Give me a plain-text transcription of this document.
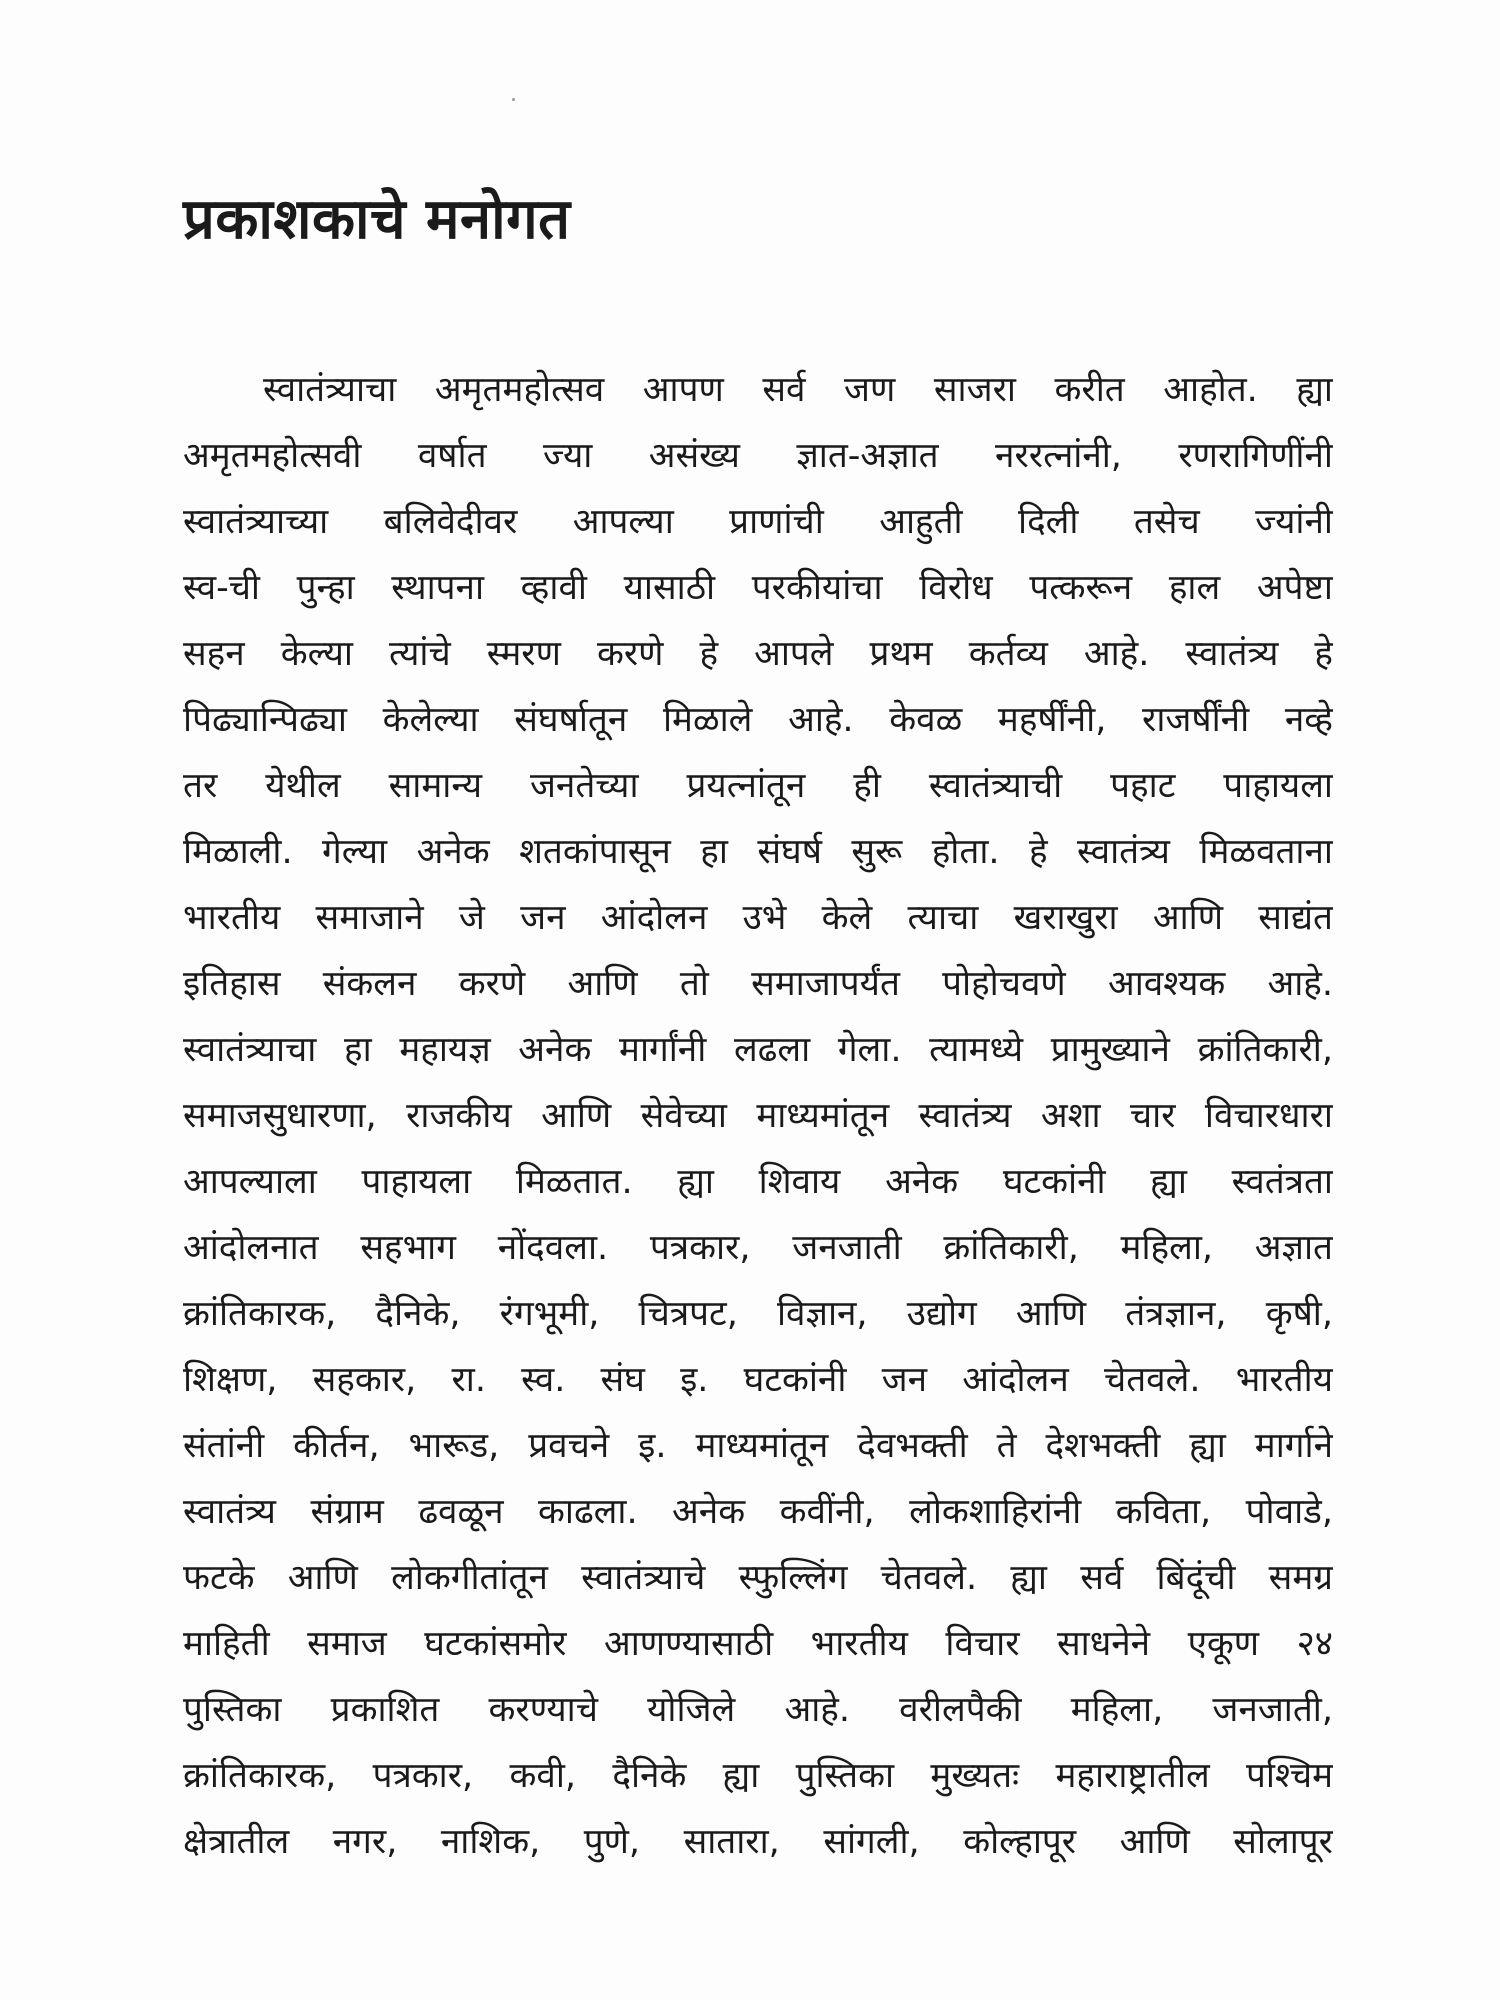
प्रकाशकाचे मनोगत
स्वातंत्र्याचा अमृतमहोत्सव आपण सर्व जण साजरा करीत आहोत. ह्या
अमृतमहोत्सवी वर्षात ज्या असंख्य ज्ञात-अज्ञात नररत्नांनी, रणरागिणींनी
स्वातंत्र्याच्या बलिवेदीवर आपल्या प्राणांची आहुती दिली तसेच ज्यांनी
स्व-ची पुन्हा स्थापना व्हावी यासाठी परकीयांचा विरोध पत्करून हाल अपेष्टा
सहन केल्या त्यांचे स्मरण करणे हे आपले प्रथम कर्तव्य आहे. स्वातंत्र्य हे
पिढ्यान्पिढ्या केलेल्या संघर्षातून मिळाले आहे. केवळ महर्षींनी, राजर्षींनी नव्हे
तर येथील सामान्य जनतेच्या प्रयत्नांतून ही स्वातंत्र्याची पहाट पाहायला
मिळाली. गेल्या अनेक शतकांपासून हा संघर्ष सुरू होता. हे स्वातंत्र्य मिळवताना
भारतीय समाजाने जे जन आंदोलन उभे केले त्याचा खराखुरा आणि साद्यंत
इतिहास संकलन करणे आणि तो समाजापर्यंत पोहोचवणे आवश्यक आहे.
स्वातंत्र्याचा हा महायज्ञ अनेक मार्गांनी लढला गेला. त्यामध्ये प्रामुख्याने क्रांतिकारी,
समाजसुधारणा, राजकीय आणि सेवेच्या माध्यमांतून स्वातंत्र्य अशा चार विचारधारा
आपल्याला पाहायला मिळतात. ह्या शिवाय अनेक घटकांनी ह्या स्वतंत्रता
आंदोलनात सहभाग नोंदवला. पत्रकार, जनजाती क्रांतिकारी, महिला, अज्ञात
क्रांतिकारक, दैनिके, रंगभूमी, चित्रपट, विज्ञान, उद्योग आणि तंत्रज्ञान, कृषी,
शिक्षण, सहकार, रा. स्व. संघ इ. घटकांनी जन आंदोलन चेतवले. भारतीय
संतांनी कीर्तन, भारूड, प्रवचने इ. माध्यमांतून देवभक्ती ते देशभक्ती ह्या मार्गाने
स्वातंत्र्य संग्राम ढवळून काढला. अनेक कवींनी, लोकशाहिरांनी कविता, पोवाडे,
फटके आणि लोकगीतांतून स्वातंत्र्याचे स्फुल्लिंग चेतवले. ह्या सर्व बिंदूंची समग्र
माहिती समाज घटकांसमोर आणण्यासाठी भारतीय विचार साधनेने एकूण २४
पुस्तिका प्रकाशित करण्याचे योजिले आहे. वरीलपैकी महिला, जनजाती,
क्रांतिकारक, पत्रकार, कवी, दैनिके ह्या पुस्तिका मुख्यतः महाराष्ट्रातील पश्चिम
क्षेत्रातील नगर, नाशिक, पुणे, सातारा, सांगली, कोल्हापूर आणि सोलापूर
